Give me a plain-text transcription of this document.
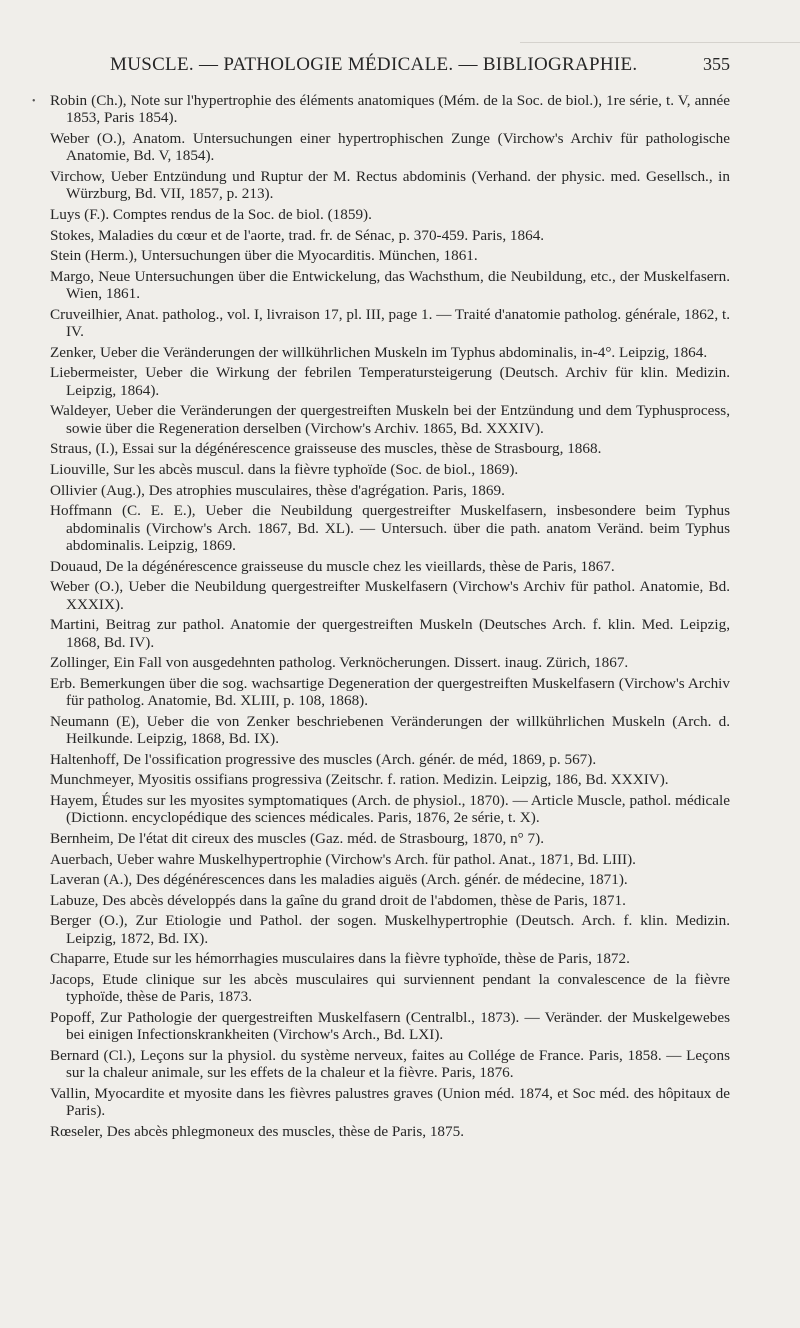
•
MUSCLE. — PATHOLOGIE MÉDICALE. — BIBLIOGRAPHIE.	355

Robin (Ch.), Note sur l'hypertrophie des éléments anatomiques (Mém. de la Soc. de biol.), 1re série, t. V, année 1853, Paris 1854).

Weber (O.), Anatom. Untersuchungen einer hypertrophischen Zunge (Virchow's Archiv für pathologische Anatomie, Bd. V, 1854).

Virchow, Ueber Entzündung und Ruptur der M. Rectus abdominis (Verhand. der physic. med. Gesellsch., in Würzburg, Bd. VII, 1857, p. 213).

Luys (F.). Comptes rendus de la Soc. de biol. (1859).

Stokes, Maladies du cœur et de l'aorte, trad. fr. de Sénac, p. 370-459. Paris, 1864.

Stein (Herm.), Untersuchungen über die Myocarditis. München, 1861.

Margo, Neue Untersuchungen über die Entwickelung, das Wachsthum, die Neubildung, etc., der Muskelfasern. Wien, 1861.

Cruveilhier, Anat. patholog., vol. I, livraison 17, pl. III, page 1. — Traité d'anatomie patholog. générale, 1862, t. IV.

Zenker, Ueber die Veränderungen der willkührlichen Muskeln im Typhus abdominalis, in-4°. Leipzig, 1864.

Liebermeister, Ueber die Wirkung der febrilen Temperatursteigerung (Deutsch. Archiv für klin. Medizin. Leipzig, 1864).

Waldeyer, Ueber die Veränderungen der quergestreiften Muskeln bei der Entzündung und dem Typhusprocess, sowie über die Regeneration derselben (Virchow's Archiv. 1865, Bd. XXXIV).

Straus, (I.), Essai sur la dégénérescence graisseuse des muscles, thèse de Strasbourg, 1868.

Liouville, Sur les abcès muscul. dans la fièvre typhoïde (Soc. de biol., 1869).

Ollivier (Aug.), Des atrophies musculaires, thèse d'agrégation. Paris, 1869.

Hoffmann (C. E. E.), Ueber die Neubildung quergestreifter Muskelfasern, insbesondere beim Typhus abdominalis (Virchow's Arch. 1867, Bd. XL). — Untersuch. über die path. anatom Veränd. beim Typhus abdominalis. Leipzig, 1869.

Douaud, De la dégénérescence graisseuse du muscle chez les vieillards, thèse de Paris, 1867.

Weber (O.), Ueber die Neubildung quergestreifter Muskelfasern (Virchow's Archiv für pathol. Anatomie, Bd. XXXIX).

Martini, Beitrag zur pathol. Anatomie der quergestreiften Muskeln (Deutsches Arch. f. klin. Med. Leipzig, 1868, Bd. IV).

Zollinger, Ein Fall von ausgedehnten patholog. Verknöcherungen. Dissert. inaug. Zürich, 1867.

Erb. Bemerkungen über die sog. wachsartige Degeneration der quergestreiften Muskelfasern (Virchow's Archiv für patholog. Anatomie, Bd. XLIII, p. 108, 1868).

Neumann (E), Ueber die von Zenker beschriebenen Veränderungen der willkührlichen Muskeln (Arch. d. Heilkunde. Leipzig, 1868, Bd. IX).

Haltenhoff, De l'ossification progressive des muscles (Arch. génér. de méd, 1869, p. 567).

Munchmeyer, Myositis ossifians progressiva (Zeitschr. f. ration. Medizin. Leipzig, 186, Bd. XXXIV).

Hayem, Études sur les myosites symptomatiques (Arch. de physiol., 1870). — Article Muscle, pathol. médicale (Dictionn. encyclopédique des sciences médicales. Paris, 1876, 2e série, t. X).

Bernheim, De l'état dit cireux des muscles (Gaz. méd. de Strasbourg, 1870, n° 7).

Auerbach, Ueber wahre Muskelhypertrophie (Virchow's Arch. für pathol. Anat., 1871, Bd. LIII).

Laveran (A.), Des dégénérescences dans les maladies aiguës (Arch. génér. de médecine, 1871).

Labuze, Des abcès développés dans la gaîne du grand droit de l'abdomen, thèse de Paris, 1871.

Berger (O.), Zur Etiologie und Pathol. der sogen. Muskelhypertrophie (Deutsch. Arch. f. klin. Medizin. Leipzig, 1872, Bd. IX).

Chaparre, Etude sur les hémorrhagies musculaires dans la fièvre typhoïde, thèse de Paris, 1872.

Jacops, Etude clinique sur les abcès musculaires qui surviennent pendant la convalescence de la fièvre typhoïde, thèse de Paris, 1873.

Popoff, Zur Pathologie der quergestreiften Muskelfasern (Centralbl., 1873). — Veränder. der Muskelgewebes bei einigen Infectionskrankheiten (Virchow's Arch., Bd. LXI).

Bernard (Cl.), Leçons sur la physiol. du système nerveux, faites au Collége de France. Paris, 1858. — Leçons sur la chaleur animale, sur les effets de la chaleur et la fièvre. Paris, 1876.

Vallin, Myocardite et myosite dans les fièvres palustres graves (Union méd. 1874, et Soc méd. des hôpitaux de Paris).

Rœseler, Des abcès phlegmoneux des muscles, thèse de Paris, 1875.
